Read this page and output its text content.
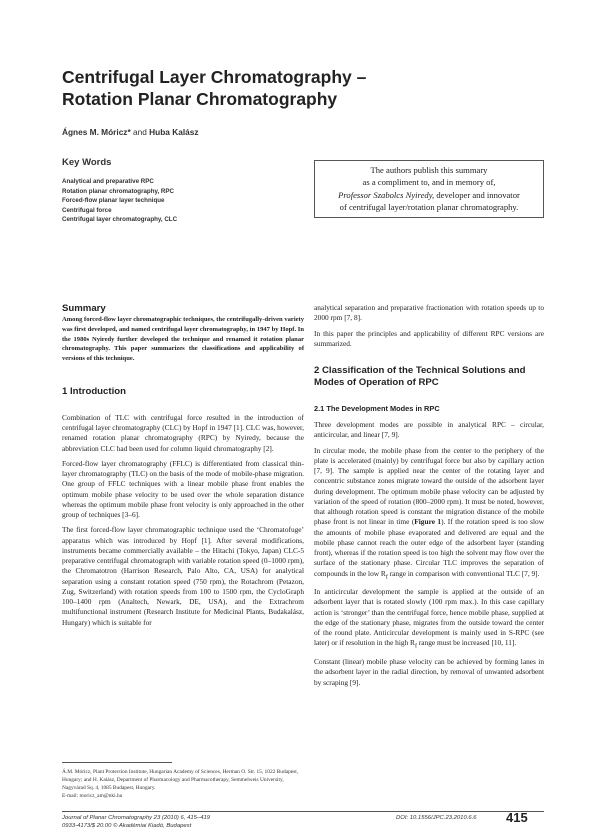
Centrifugal Layer Chromatography –
Rotation Planar Chromatography
Ágnes M. Móricz* and Huba Kalász
Key Words
Analytical and preparative RPC
Rotation planar chromatography, RPC
Forced-flow planar layer technique
Centrifugal force
Centrifugal layer chromatography, CLC
The authors publish this summary
as a compliment to, and in memory of,
Professor Szabolcs Nyiredy, developer and innovator
of centrifugal layer/rotation planar chromatography.
Summary

Among forced-flow layer chromatographic techniques, the centrifugally-driven variety was first developed, and named centrifugal layer chromatography, in 1947 by Hopf. In the 1980s Nyiredy further developed the technique and renamed it rotation planar chromatography. This paper summarizes the classifications and applicability of versions of this technique.

1 Introduction

Combination of TLC with centrifugal force resulted in the introduction of centrifugal layer chromatography (CLC) by Hopf in 1947 [1]. CLC was, however, renamed rotation planar chromatography (RPC) by Nyiredy, because the abbreviation CLC had been used for column liquid chromatography [2].

Forced-flow layer chromatography (FFLC) is differentiated from classical thin-layer chromatography (TLC) on the basis of the mode of mobile-phase migration. One group of FFLC techniques with a linear mobile phase front enables the optimum mobile phase velocity to be used over the whole separation distance whereas the optimum mobile phase front velocity is only approached in the other group of techniques [3–6].

The first forced-flow layer chromatographic technique used the ‘Chromatofuge’ apparatus which was introduced by Hopf [1]. After several modifications, instruments became commercially available – the Hitachi (Tokyo, Japan) CLC-5 preparative centrifugal chromatograph with variable rotation speed (0–1000 rpm), the Chromatotron (Harrison Research, Palo Alto, CA, USA) for analytical separation using a constant rotation speed (750 rpm), the Rotachrom (Petazon, Zug, Switzerland) with rotation speeds from 100 to 1500 rpm, the CycloGraph 100–1400 rpm (Analtech, Newark, DE, USA), and the Extrachrom multifunctional instrument (Research Institute for Medicinal Plants, Budakalász, Hungary) which is suitable for

analytical separation and preparative fractionation with rotation speeds up to 2000 rpm [7, 8].

In this paper the principles and applicability of different RPC versions are summarized.

2 Classification of the Technical Solutions and Modes of Operation of RPC
2.1 The Development Modes in RPC

Three development modes are possible in analytical RPC – circular, anticircular, and linear [7, 9].

In circular mode, the mobile phase from the center to the periphery of the plate is accelerated (mainly) by centrifugal force but also by capillary action [7, 9]. The sample is applied near the center of the rotating layer and concentric substance zones migrate toward the outside of the adsorbent layer during development. The optimum mobile phase velocity can be adjusted by variation of the speed of rotation (800–2000 rpm). It must be noted, however, that although rotation speed is constant the migration distance of the mobile phase front is not linear in time (Figure 1). If the rotation speed is too slow the amounts of mobile phase evaporated and delivered are equal and the mobile phase cannot reach the outer edge of the adsorbent layer (standing front), whereas if the rotation speed is too high the solvent may flow over the surface of the stationary phase. Circular TLC improves the separation of compounds in the low $R_f$ range in comparison with conventional TLC [7, 9].

In anticircular development the sample is applied at the outside of an adsorbent layer that is rotated slowly (100 rpm max.). In this case capillary action is ‘stronger’ than the centrifugal force, hence mobile phase, supplied at the edge of the stationary phase, migrates from the outside toward the center of the round plate. Anticircular development is mainly used in S-RPC (see later) or if resolution in the high $R_f$ range must be increased [10, 11].

Constant (linear) mobile phase velocity can be achieved by forming lanes in the adsorbent layer in the radial direction, by removal of unwanted adsorbent by scraping [9].

Á.M. Móricz, Plant Protection Institute, Hungarian Academy of Sciences, Herman O. Str. 15, 1022 Budapest, Hungary; and H. Kalász, Department of Pharmacology and Pharmacotherapy, Semmelweis University, Nagyvárad Sq. 4, 1085 Budapest, Hungary.

E-mail: moricz_am@nki.hu

Journal of Planar Chromatography 23 (2010) 6, 415–419
0933-4173/$ 20.00 © Akadémiai Kiadó, Budapest
DOI: 10.1556/JPC.23.2010.6.6 415
